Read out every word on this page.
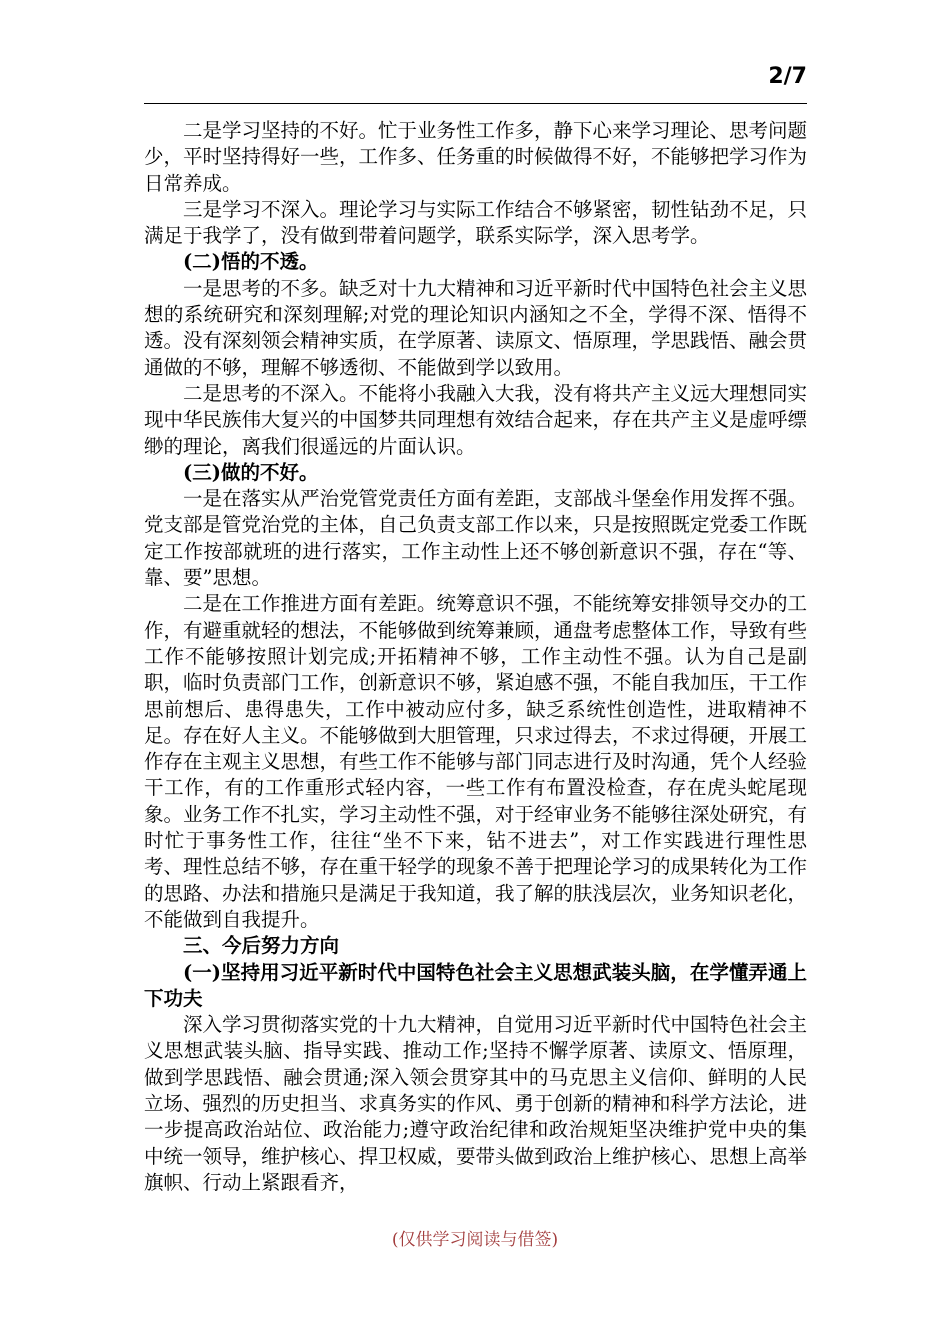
2/7

二是学习坚持的不好。忙于业务性工作多，静下心来学习理论、思考问题少，平时坚持得好一些，工作多、任务重的时候做得不好，不能够把学习作为日常养成。

三是学习不深入。理论学习与实际工作结合不够紧密，韧性钻劲不足，只满足于我学了，没有做到带着问题学，联系实际学，深入思考学。

(二)悟的不透。

一是思考的不多。缺乏对十九大精神和习近平新时代中国特色社会主义思想的系统研究和深刻理解;对党的理论知识内涵知之不全，学得不深、悟得不透。没有深刻领会精神实质，在学原著、读原文、悟原理，学思践悟、融会贯通做的不够，理解不够透彻、不能做到学以致用。

二是思考的不深入。不能将小我融入大我，没有将共产主义远大理想同实现中华民族伟大复兴的中国梦共同理想有效结合起来，存在共产主义是虚呼缥缈的理论，离我们很遥远的片面认识。

(三)做的不好。

一是在落实从严治党管党责任方面有差距，支部战斗堡垒作用发挥不强。党支部是管党治党的主体，自己负责支部工作以来，只是按照既定党委工作既定工作按部就班的进行落实，工作主动性上还不够创新意识不强，存在“等、靠、要”思想。

二是在工作推进方面有差距。统筹意识不强，不能统筹安排领导交办的工作，有避重就轻的想法，不能够做到统筹兼顾，通盘考虑整体工作，导致有些工作不能够按照计划完成;开拓精神不够，工作主动性不强。认为自己是副职，临时负责部门工作，创新意识不够，紧迫感不强，不能自我加压，干工作思前想后、患得患失，工作中被动应付多，缺乏系统性创造性，进取精神不足。存在好人主义。不能够做到大胆管理，只求过得去，不求过得硬，开展工作存在主观主义思想，有些工作不能够与部门同志进行及时沟通，凭个人经验干工作，有的工作重形式轻内容，一些工作有布置没检查，存在虎头蛇尾现象。业务工作不扎实，学习主动性不强，对于经审业务不能够往深处研究，有时忙于事务性工作，往往“坐不下来，钻不进去”，对工作实践进行理性思考、理性总结不够，存在重干轻学的现象不善于把理论学习的成果转化为工作的思路、办法和措施只是满足于我知道，我了解的肤浅层次，业务知识老化，不能做到自我提升。

三、今后努力方向

(一)坚持用习近平新时代中国特色社会主义思想武装头脑，在学懂弄通上下功夫

深入学习贯彻落实党的十九大精神，自觉用习近平新时代中国特色社会主义思想武装头脑、指导实践、推动工作;坚持不懈学原著、读原文、悟原理，做到学思践悟、融会贯通;深入领会贯穿其中的马克思主义信仰、鲜明的人民立场、强烈的历史担当、求真务实的作风、勇于创新的精神和科学方法论，进一步提高政治站位、政治能力;遵守政治纪律和政治规矩坚决维护党中央的集中统一领导，维护核心、捍卫权威，要带头做到政治上维护核心、思想上高举旗帜、行动上紧跟看齐，

(仅供学习阅读与借签)
